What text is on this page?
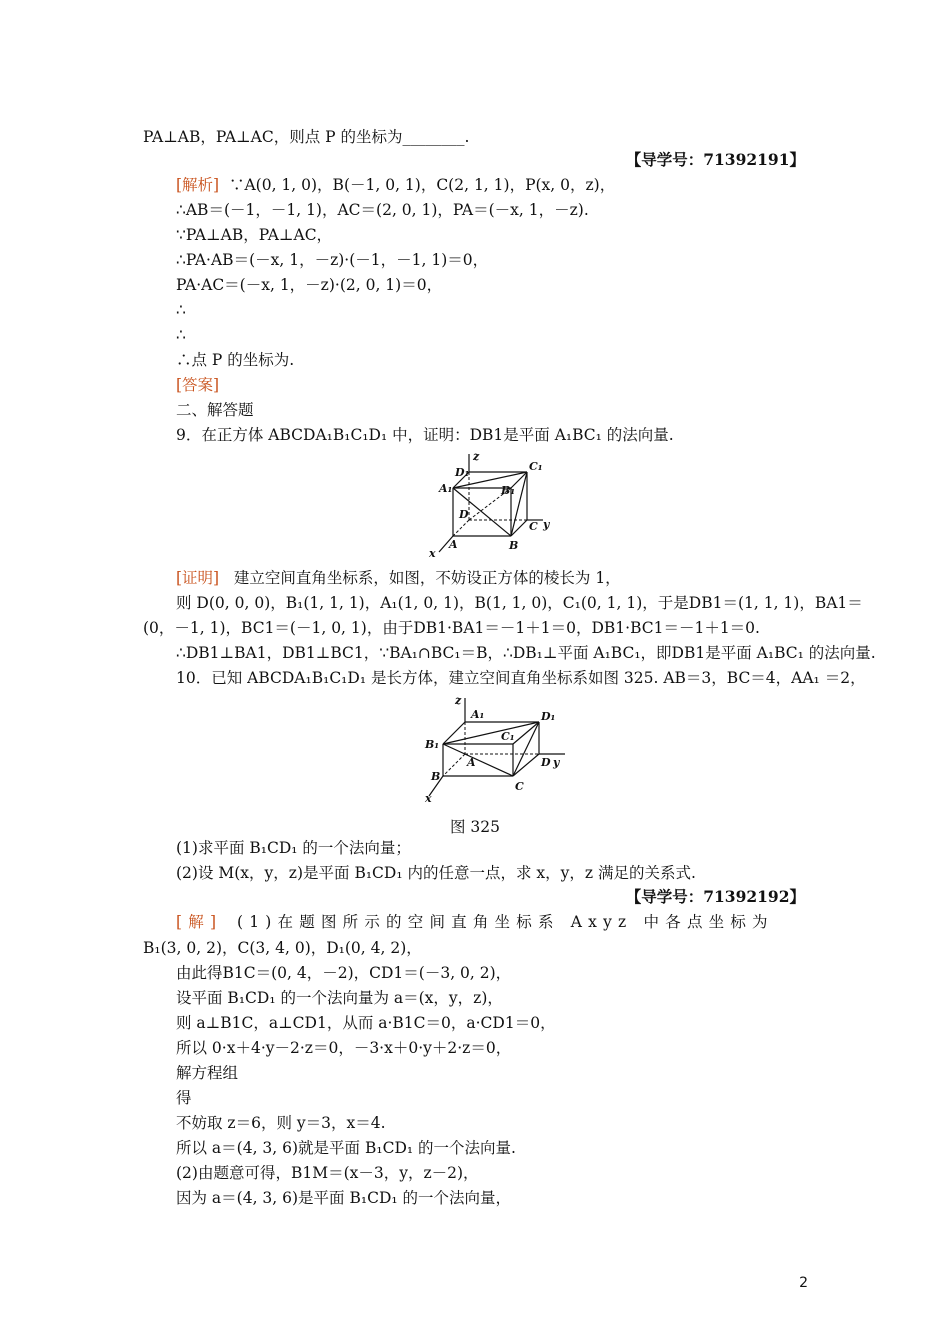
PA⊥AB，PA⊥AC，则点 P 的坐标为________.
【导学号：71392191】
[解析] ∵A(0, 1, 0)，B(－1, 0, 1)，C(2, 1, 1)，P(x, 0，z)，
∴AB＝(－1，－1, 1)，AC＝(2, 0, 1)，PA＝(－x, 1，－z).
∵PA⊥AB，PA⊥AC，
∴PA·AB＝(－x, 1，－z)·(－1，－1, 1)＝0，
PA·AC＝(－x, 1，－z)·(2, 0, 1)＝0，
∴
∴
∴点 P 的坐标为.
[答案]
二、解答题
9．在正方体 ABCDA₁B₁C₁D₁ 中，证明：DB1是平面 A₁BC₁ 的法向量.
z
D₁	C₁
A₁	B₁
D
C y
A	B
x
[证明] 建立空间直角坐标系，如图，不妨设正方体的棱长为 1，
则 D(0, 0, 0)，B₁(1, 1, 1)，A₁(1, 0, 1)，B(1, 1, 0)，C₁(0, 1, 1)，于是DB1＝(1, 1, 1)，BA1＝
(0，－1, 1)，BC1＝(－1, 0, 1)，由于DB1·BA1＝－1＋1＝0，DB1·BC1＝－1＋1＝0.
∴DB1⊥BA1，DB1⊥BC1，∵BA₁∩BC₁＝B，∴DB₁⊥平面 A₁BC₁，即DB1是平面 A₁BC₁ 的法向量.
10．已知 ABCDA₁B₁C₁D₁ 是长方体，建立空间直角坐标系如图 325. AB＝3，BC＝4，AA₁ ＝2，
z
A₁	D₁
B₁
C₁
A	D y
B
C
x
图 325
(1)求平面 B₁CD₁ 的一个法向量；
(2)设 M(x，y，z)是平面 B₁CD₁ 内的任意一点，求 x，y，z 满足的关系式.
【导学号：71392192】
[解] (1)在题图所示的空间直角坐标系 Axyz 中各点坐标为
B₁(3, 0, 2)，C(3, 4, 0)，D₁(0, 4, 2)，
由此得B1C＝(0, 4，－2)，CD1＝(－3, 0, 2)，
设平面 B₁CD₁ 的一个法向量为 a＝(x，y，z)，
则 a⊥B1C，a⊥CD1，从而 a·B1C＝0，a·CD1＝0，
所以 0·x＋4·y－2·z＝0，－3·x＋0·y＋2·z＝0，
解方程组
得
不妨取 z＝6，则 y＝3，x＝4.
所以 a＝(4, 3, 6)就是平面 B₁CD₁ 的一个法向量.
(2)由题意可得，B1M＝(x－3，y，z－2)，
因为 a＝(4, 3, 6)是平面 B₁CD₁ 的一个法向量，
2
